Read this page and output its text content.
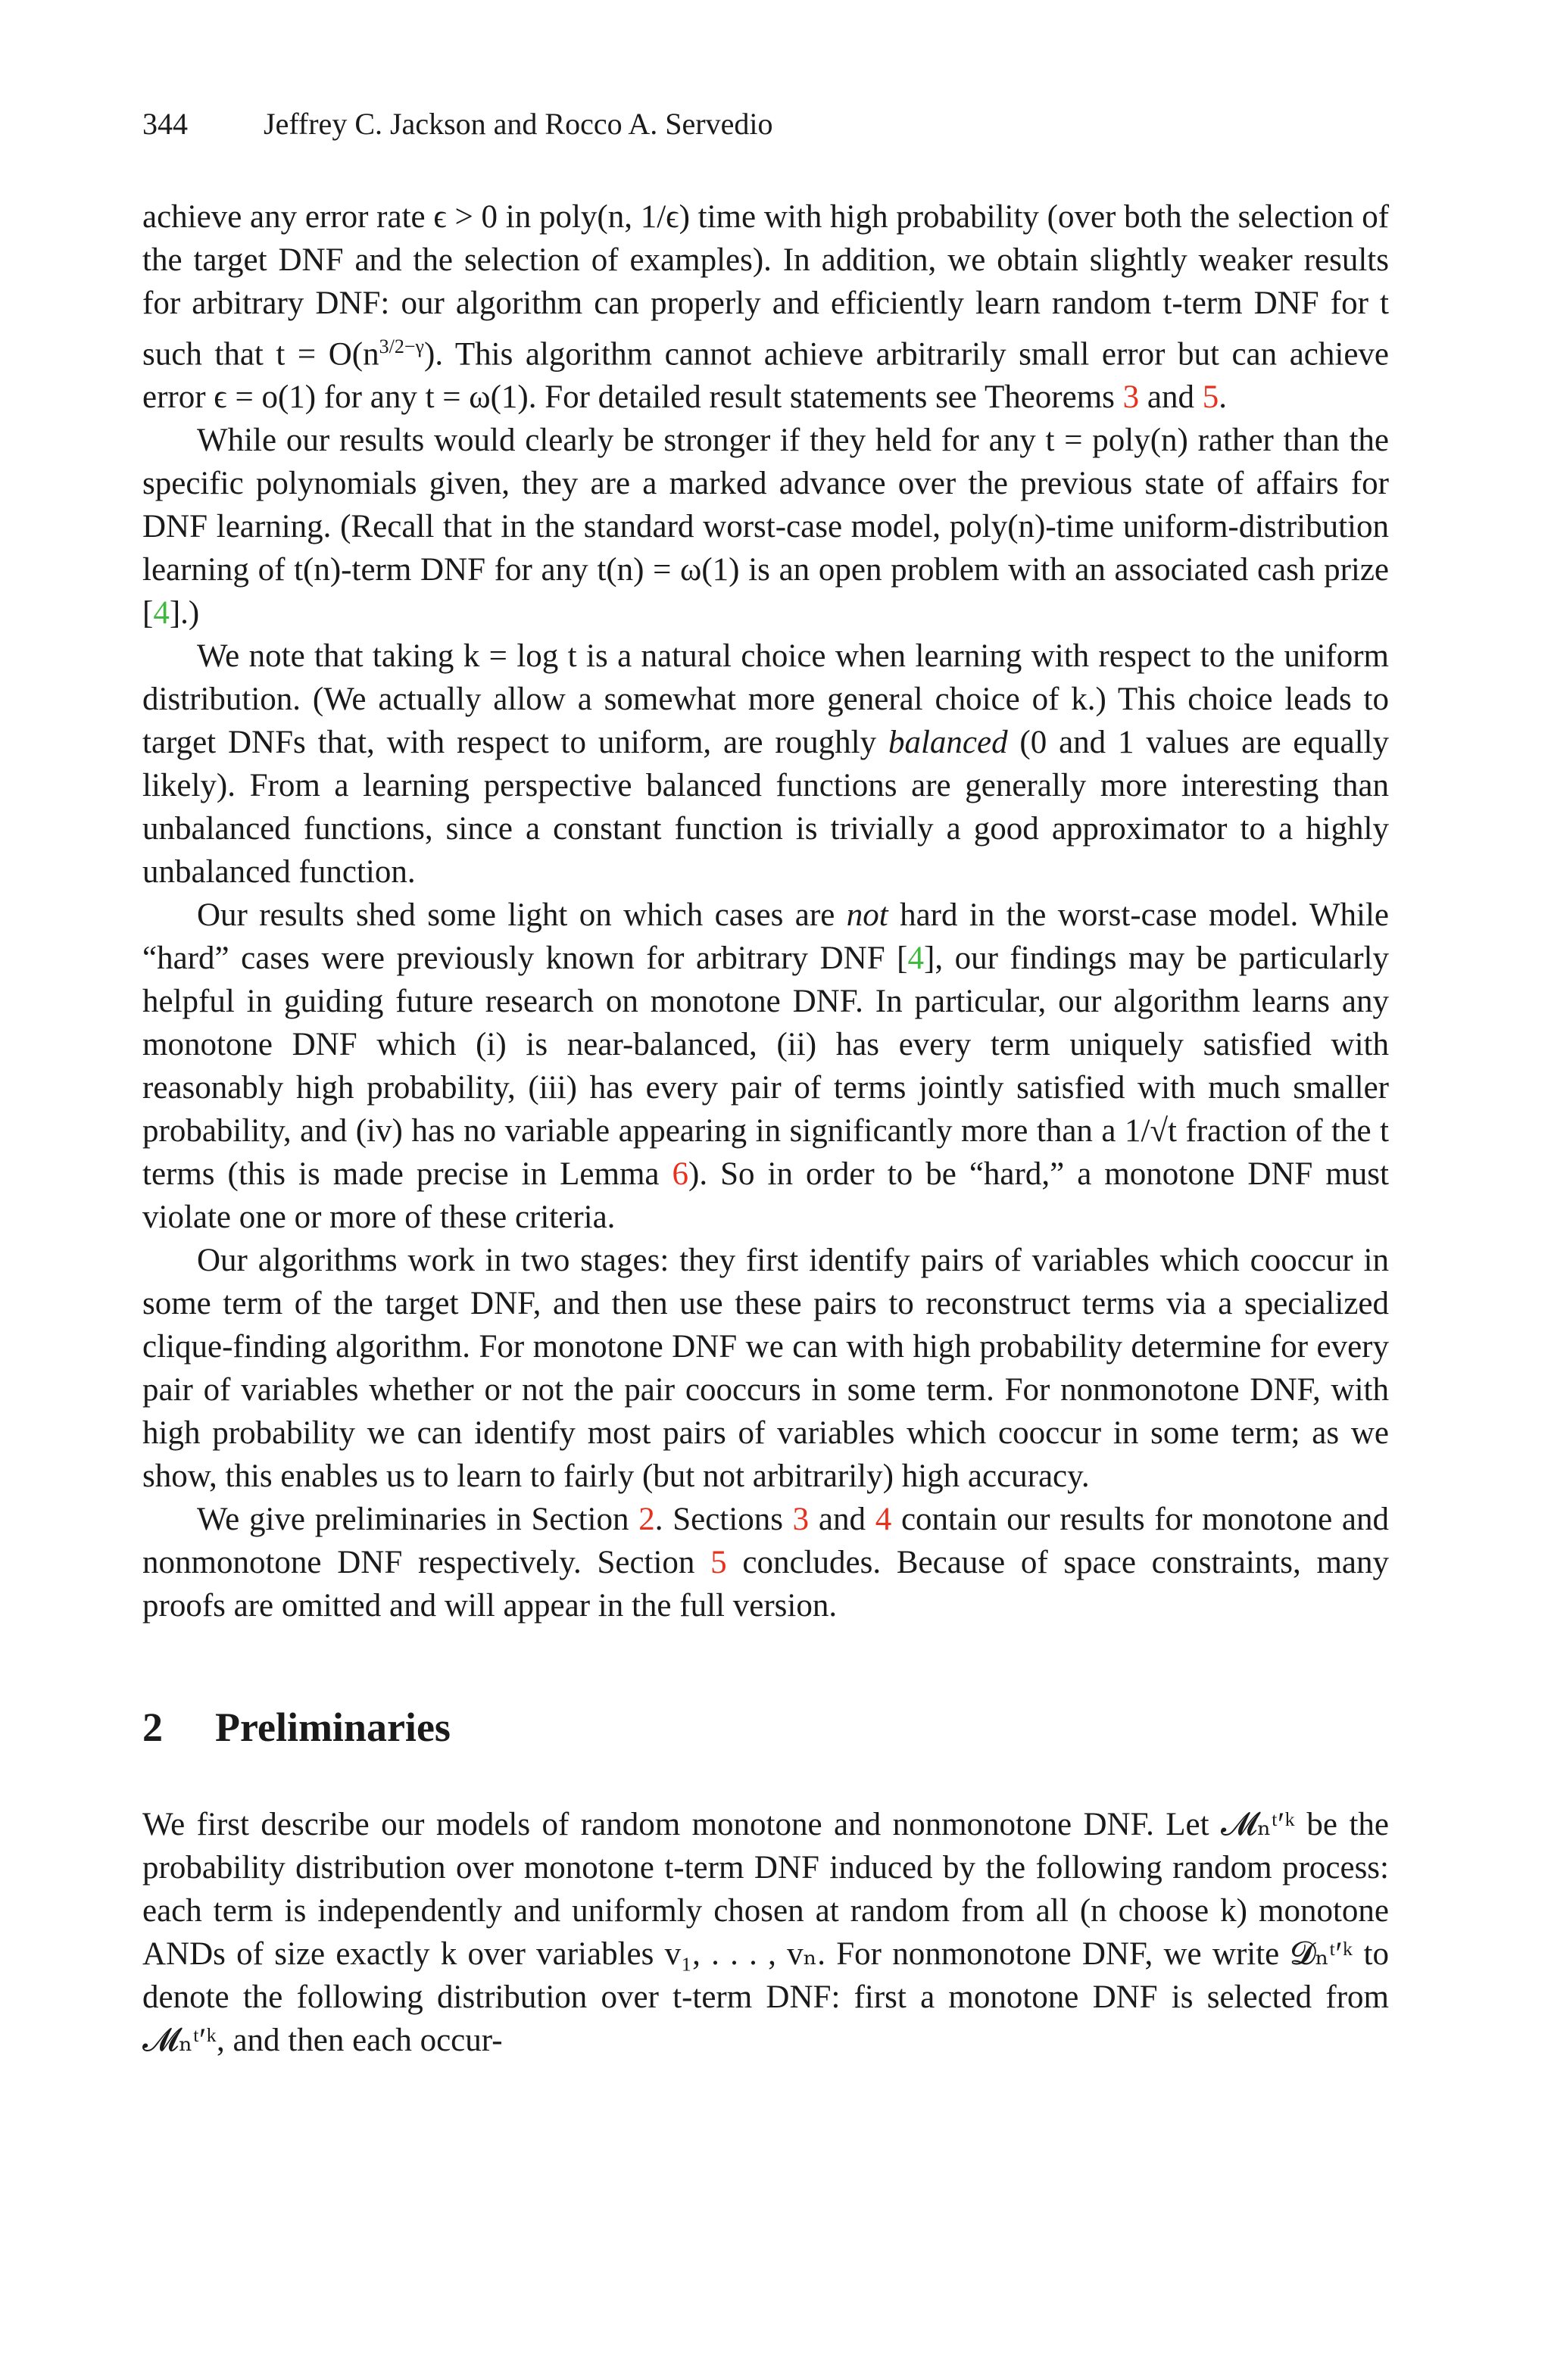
344	Jeffrey C. Jackson and Rocco A. Servedio

achieve any error rate ϵ > 0 in poly(n, 1/ϵ) time with high probability (over both the selection of the target DNF and the selection of examples). In addition, we obtain slightly weaker results for arbitrary DNF: our algorithm can properly and efficiently learn random t-term DNF for t such that $t = O(n^{3/2-\gamma})$. This algorithm cannot achieve arbitrarily small error but can achieve error ϵ = o(1) for any t = ω(1). For detailed result statements see Theorems 3 and 5.

While our results would clearly be stronger if they held for any t = poly(n) rather than the specific polynomials given, they are a marked advance over the previous state of affairs for DNF learning. (Recall that in the standard worst-case model, poly(n)-time uniform-distribution learning of t(n)-term DNF for any t(n) = ω(1) is an open problem with an associated cash prize [4].)

We note that taking k = log t is a natural choice when learning with respect to the uniform distribution. (We actually allow a somewhat more general choice of k.) This choice leads to target DNFs that, with respect to uniform, are roughly balanced (0 and 1 values are equally likely). From a learning perspective balanced functions are generally more interesting than unbalanced functions, since a constant function is trivially a good approximator to a highly unbalanced function.

Our results shed some light on which cases are not hard in the worst-case model. While “hard” cases were previously known for arbitrary DNF [4], our findings may be particularly helpful in guiding future research on monotone DNF. In particular, our algorithm learns any monotone DNF which (i) is near-balanced, (ii) has every term uniquely satisfied with reasonably high probability, (iii) has every pair of terms jointly satisfied with much smaller probability, and (iv) has no variable appearing in significantly more than a 1/√t fraction of the t terms (this is made precise in Lemma 6). So in order to be “hard,” a monotone DNF must violate one or more of these criteria.

Our algorithms work in two stages: they first identify pairs of variables which cooccur in some term of the target DNF, and then use these pairs to reconstruct terms via a specialized clique-finding algorithm. For monotone DNF we can with high probability determine for every pair of variables whether or not the pair cooccurs in some term. For nonmonotone DNF, with high probability we can identify most pairs of variables which cooccur in some term; as we show, this enables us to learn to fairly (but not arbitrarily) high accuracy.

We give preliminaries in Section 2. Sections 3 and 4 contain our results for monotone and nonmonotone DNF respectively. Section 5 concludes. Because of space constraints, many proofs are omitted and will appear in the full version.

2 Preliminaries

We first describe our models of random monotone and nonmonotone DNF. Let 𝓜ₙᵗ′ᵏ be the probability distribution over monotone t-term DNF induced by the following random process: each term is independently and uniformly chosen at random from all (n choose k) monotone ANDs of size exactly k over variables v₁, . . . , vₙ. For nonmonotone DNF, we write 𝓓ₙᵗ′ᵏ to denote the following distribution over t-term DNF: first a monotone DNF is selected from 𝓜ₙᵗ′ᵏ, and then each occur-
